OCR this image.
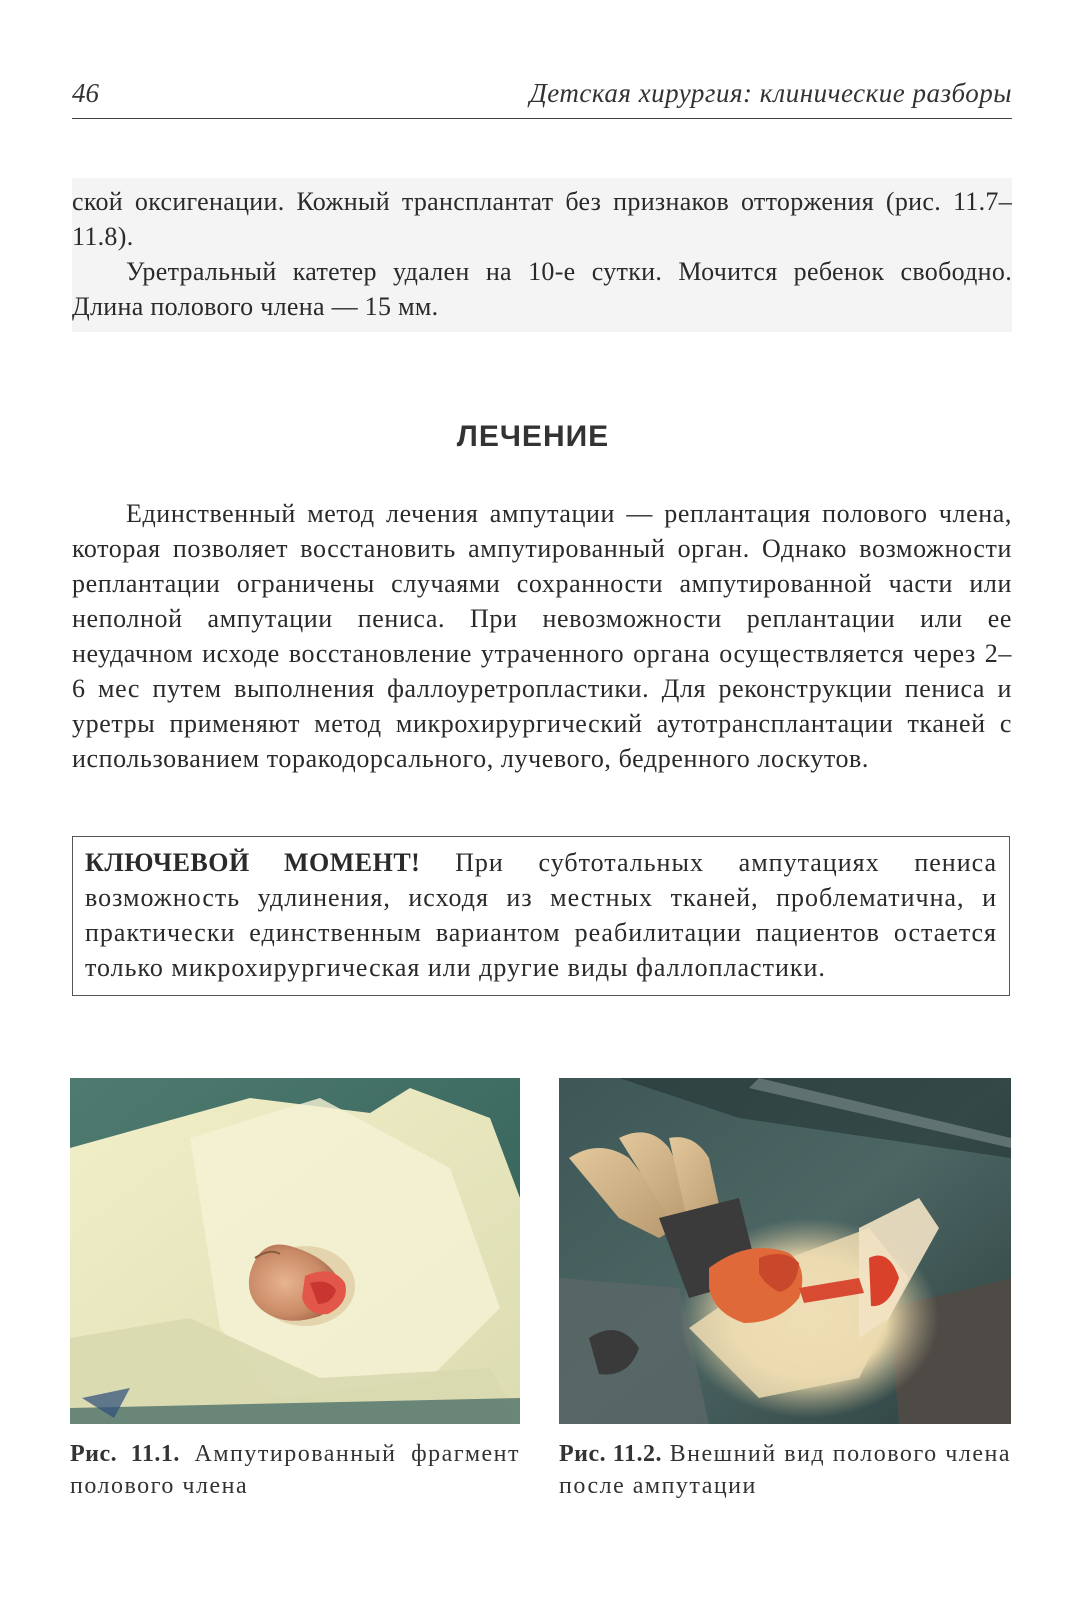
46	Детская хирургия: клинические разборы

ской оксигенации. Кожный трансплантат без признаков отторжения (рис. 11.7–11.8).

Уретральный катетер удален на 10-е сутки. Мочится ребенок свободно. Длина полового члена — 15 мм.

ЛЕЧЕНИЕ

Единственный метод лечения ампутации — реплантация полового члена, которая позволяет восстановить ампутированный орган. Однако возможности реплантации ограничены случаями сохранности ампутированной части или неполной ампутации пениса. При невозможности реплантации или ее неудачном исходе восстановление утраченного органа осуществляется через 2–6 мес путем выполнения фаллоуретропластики. Для реконструкции пениса и уретры применяют метод микрохирургический аутотрансплантации тканей с использованием торакодорсального, лучевого, бедренного лоскутов.

КЛЮЧЕВОЙ МОМЕНТ! При субтотальных ампутациях пениса возможность удлинения, исходя из местных тканей, проблематична, и практически единственным вариантом реабилитации пациентов остается только микрохирургическая или другие виды фаллопластики.

Рис. 11.1. Ампутированный фрагмент полового члена
Рис. 11.2. Внешний вид полового члена после ампутации
